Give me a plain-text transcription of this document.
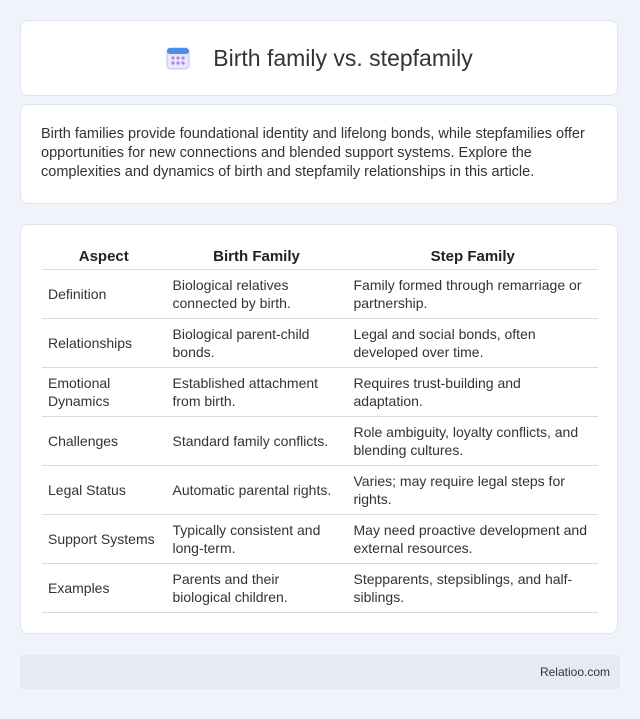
Birth family vs. stepfamily

Birth families provide foundational identity and lifelong bonds, while stepfamilies offer opportunities for new connections and blended support systems. Explore the complexities and dynamics of birth and stepfamily relationships in this article.

Aspect	Birth Family	Step Family
Definition	Biological relatives connected by birth.	Family formed through remarriage or partnership.
Relationships	Biological parent-child bonds.	Legal and social bonds, often developed over time.
Emotional Dynamics	Established attachment from birth.	Requires trust-building and adaptation.
Challenges	Standard family conflicts.	Role ambiguity, loyalty conflicts, and blending cultures.
Legal Status	Automatic parental rights.	Varies; may require legal steps for rights.
Support Systems	Typically consistent and long-term.	May need proactive development and external resources.
Examples	Parents and their biological children.	Stepparents, stepsiblings, and half-siblings.
Relatioo.com
